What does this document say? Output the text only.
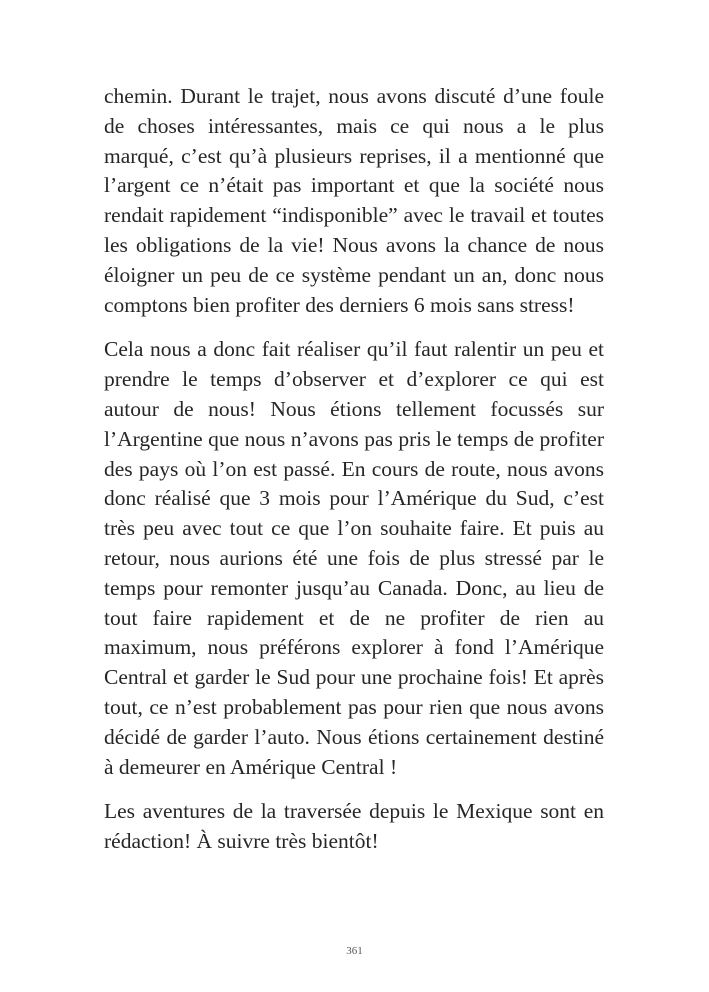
chemin. Durant le trajet, nous avons discuté d’une foule de choses intéressantes, mais ce qui nous a le plus marqué, c’est qu’à plusieurs reprises, il a mentionné que l’argent ce n’était pas important et que la société nous rendait rapidement “indisponible” avec le travail et toutes les obligations de la vie! Nous avons la chance de nous éloigner un peu de ce système pendant un an, donc nous comptons bien profiter des derniers 6 mois sans stress!

Cela nous a donc fait réaliser qu’il faut ralentir un peu et prendre le temps d’observer et d’explorer ce qui est autour de nous! Nous étions tellement focussés sur l’Argentine que nous n’avons pas pris le temps de profiter des pays où l’on est passé. En cours de route, nous avons donc réalisé que 3 mois pour l’Amérique du Sud, c’est très peu avec tout ce que l’on souhaite faire. Et puis au retour, nous aurions été une fois de plus stressé par le temps pour remonter jusqu’au Canada. Donc, au lieu de tout faire rapidement et de ne profiter de rien au maximum, nous préférons explorer à fond l’Amérique Central et garder le Sud pour une prochaine fois! Et après tout, ce n’est probablement pas pour rien que nous avons décidé de garder l’auto. Nous étions certainement destiné à demeurer en Amérique Central !

Les aventures de la traversée depuis le Mexique sont en rédaction! À suivre très bientôt!

361
